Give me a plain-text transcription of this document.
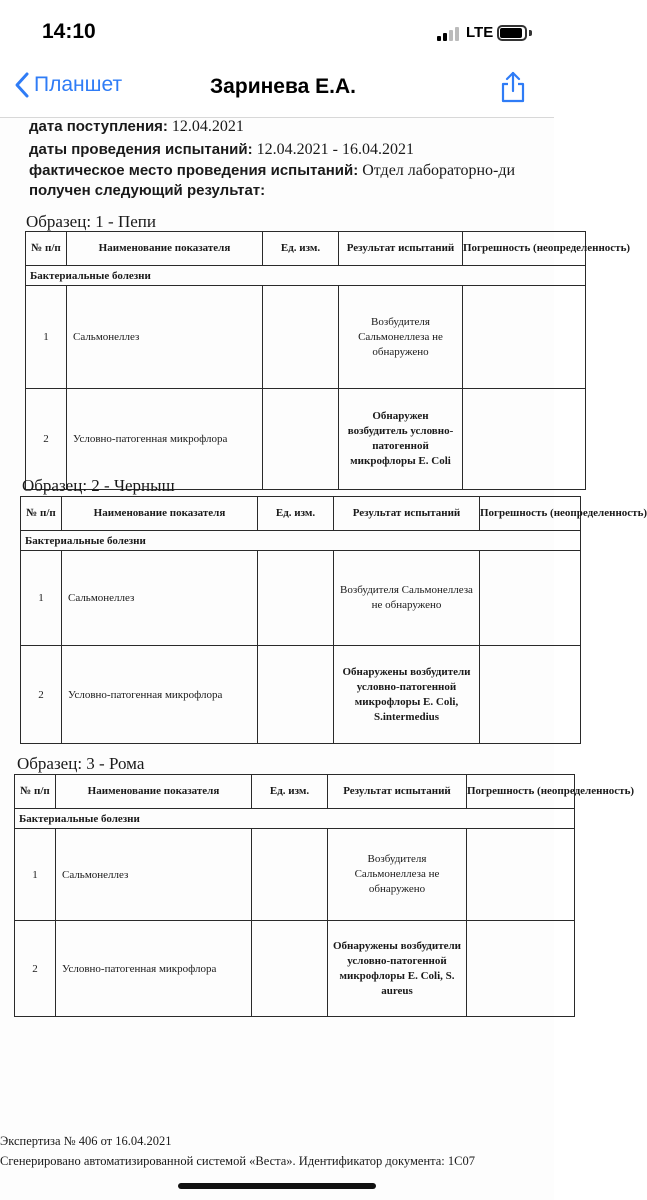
14:10	LTE
Планшет	Заринева Е.А.
дата поступления: 12.04.2021
даты проведения испытаний: 12.04.2021 - 16.04.2021
фактическое место проведения испытаний: Отдел лабораторно-ди
получен следующий результат:
Образец: 1 - Пепи
№ п/п	Наименование показателя	Ед. изм.	Результат испытаний	Погрешность (неопределенность)
Бактериальные болезни				
1	Сальмонеллез		Возбудителя Сальмонеллеза не обнаружено	
2	Условно-патогенная микрофлора		Обнаружен возбудитель условно-патогенной микрофлоры E. Coli	
Образец: 2 - Черныш
№ п/п	Наименование показателя	Ед. изм.	Результат испытаний	Погрешность (неопределенность)
Бактериальные болезни				
1	Сальмонеллез		Возбудителя Сальмонеллеза не обнаружено	
2	Условно-патогенная микрофлора		Обнаружены возбудители условно-патогенной микрофлоры E. Coli, S.intermedius	
Образец: 3 - Рома
№ п/п	Наименование показателя	Ед. изм.	Результат испытаний	Погрешность (неопределенность)
Бактериальные болезни				
1	Сальмонеллез		Возбудителя Сальмонеллеза не обнаружено	
2	Условно-патогенная микрофлора		Обнаружены возбудители условно-патогенной микрофлоры E. Coli, S. aureus	
Экспертиза № 406 от 16.04.2021
Сгенерировано автоматизированной системой «Веста». Идентификатор документа: 1C07
